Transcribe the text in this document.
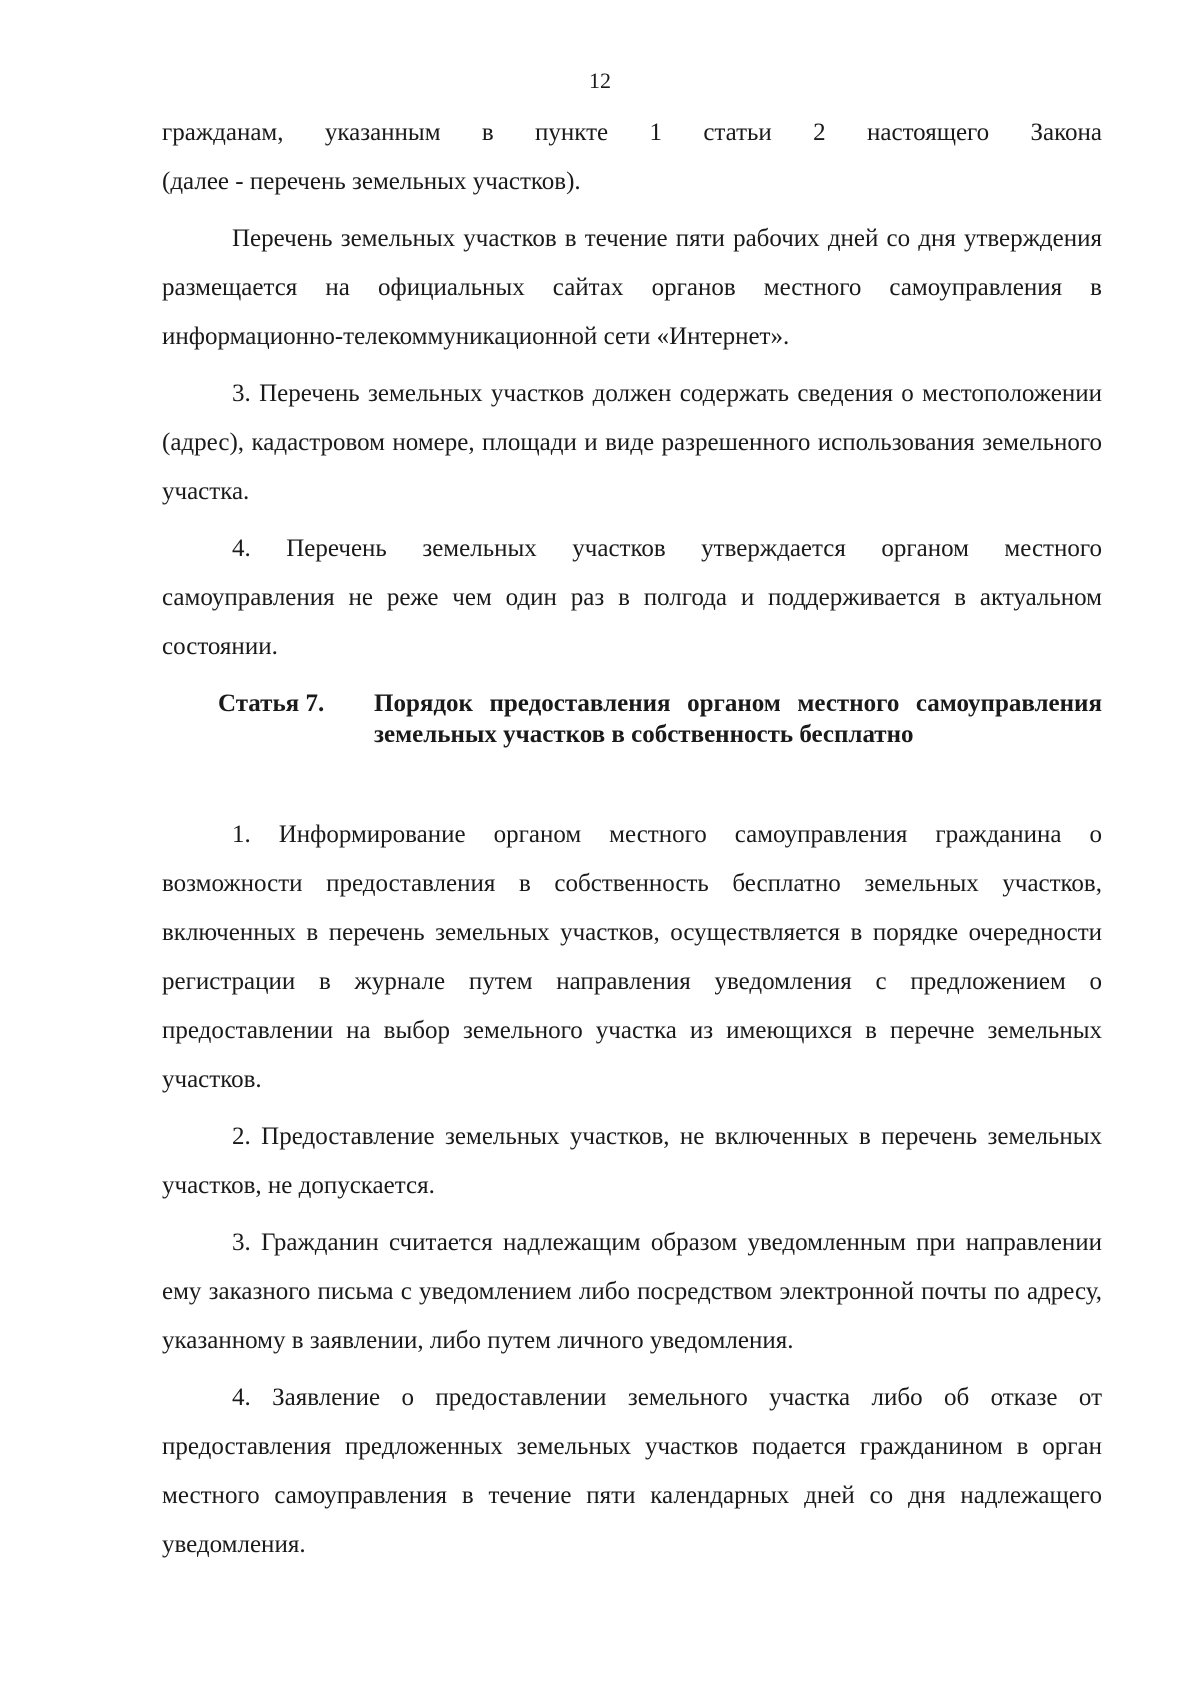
12

гражданам, указанным в пункте 1 статьи 2 настоящего Закона

(далее - перечень земельных участков).

Перечень земельных участков в течение пяти рабочих дней со дня утверждения размещается на официальных сайтах органов местного самоуправления в информационно-телекоммуникационной сети «Интернет».

3. Перечень земельных участков должен содержать сведения о местоположении (адрес), кадастровом номере, площади и виде разрешенного использования земельного участка.

4. Перечень земельных участков утверждается органом местного самоуправления не реже чем один раз в полгода и поддерживается в актуальном состоянии.

Статья 7. Порядок предоставления органом местного самоуправления земельных участков в собственность бесплатно

1. Информирование органом местного самоуправления гражданина о возможности предоставления в собственность бесплатно земельных участков, включенных в перечень земельных участков, осуществляется в порядке очередности регистрации в журнале путем направления уведомления с предложением о предоставлении на выбор земельного участка из имеющихся в перечне земельных участков.

2. Предоставление земельных участков, не включенных в перечень земельных участков, не допускается.

3. Гражданин считается надлежащим образом уведомленным при направлении ему заказного письма с уведомлением либо посредством электронной почты по адресу, указанному в заявлении, либо путем личного уведомления.

4. Заявление о предоставлении земельного участка либо об отказе от предоставления предложенных земельных участков подается гражданином в орган местного самоуправления в течение пяти календарных дней со дня надлежащего уведомления.
